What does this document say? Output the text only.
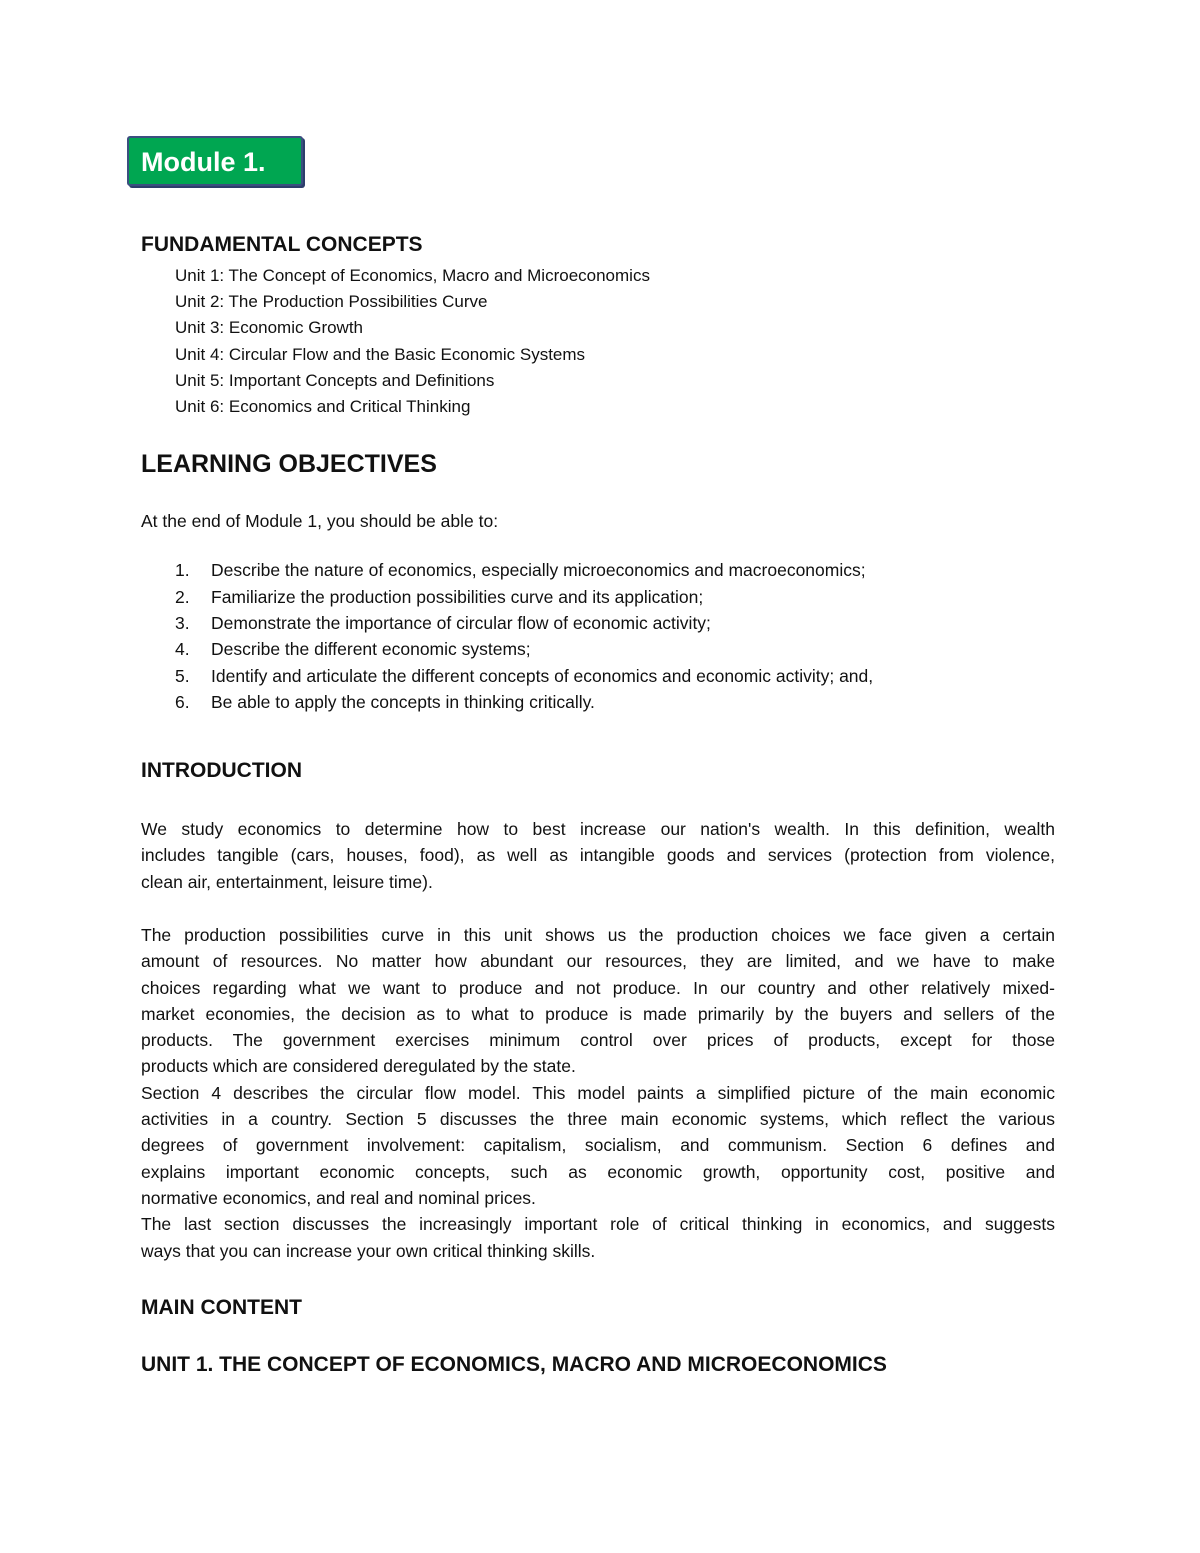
Module 1.
FUNDAMENTAL CONCEPTS
Unit 1: The Concept of Economics, Macro and Microeconomics
Unit 2: The Production Possibilities Curve
Unit 3: Economic Growth
Unit 4: Circular Flow and the Basic Economic Systems
Unit 5: Important Concepts and Definitions
Unit 6: Economics and Critical Thinking
LEARNING OBJECTIVES
At the end of Module 1, you should be able to:
1. Describe the nature of economics, especially microeconomics and macroeconomics;
2. Familiarize the production possibilities curve and its application;
3. Demonstrate the importance of circular flow of economic activity;
4. Describe the different economic systems;
5. Identify and articulate the different concepts of economics and economic activity; and,
6. Be able to apply the concepts in thinking critically.
INTRODUCTION
We study economics to determine how to best increase our nation's wealth. In this definition, wealth
includes tangible (cars, houses, food), as well as intangible goods and services (protection from violence,
clean air, entertainment, leisure time).
The production possibilities curve in this unit shows us the production choices we face given a certain
amount of resources. No matter how abundant our resources, they are limited, and we have to make
choices regarding what we want to produce and not produce. In our country and other relatively mixed-
market economies, the decision as to what to produce is made primarily by the buyers and sellers of the
products. The government exercises minimum control over prices of products, except for those
products which are considered deregulated by the state.
Section 4 describes the circular flow model. This model paints a simplified picture of the main economic
activities in a country. Section 5 discusses the three main economic systems, which reflect the various
degrees of government involvement: capitalism, socialism, and communism. Section 6 defines and
explains important economic concepts, such as economic growth, opportunity cost, positive and
normative economics, and real and nominal prices.
The last section discusses the increasingly important role of critical thinking in economics, and suggests
ways that you can increase your own critical thinking skills.
MAIN CONTENT
UNIT 1. THE CONCEPT OF ECONOMICS, MACRO AND MICROECONOMICS
